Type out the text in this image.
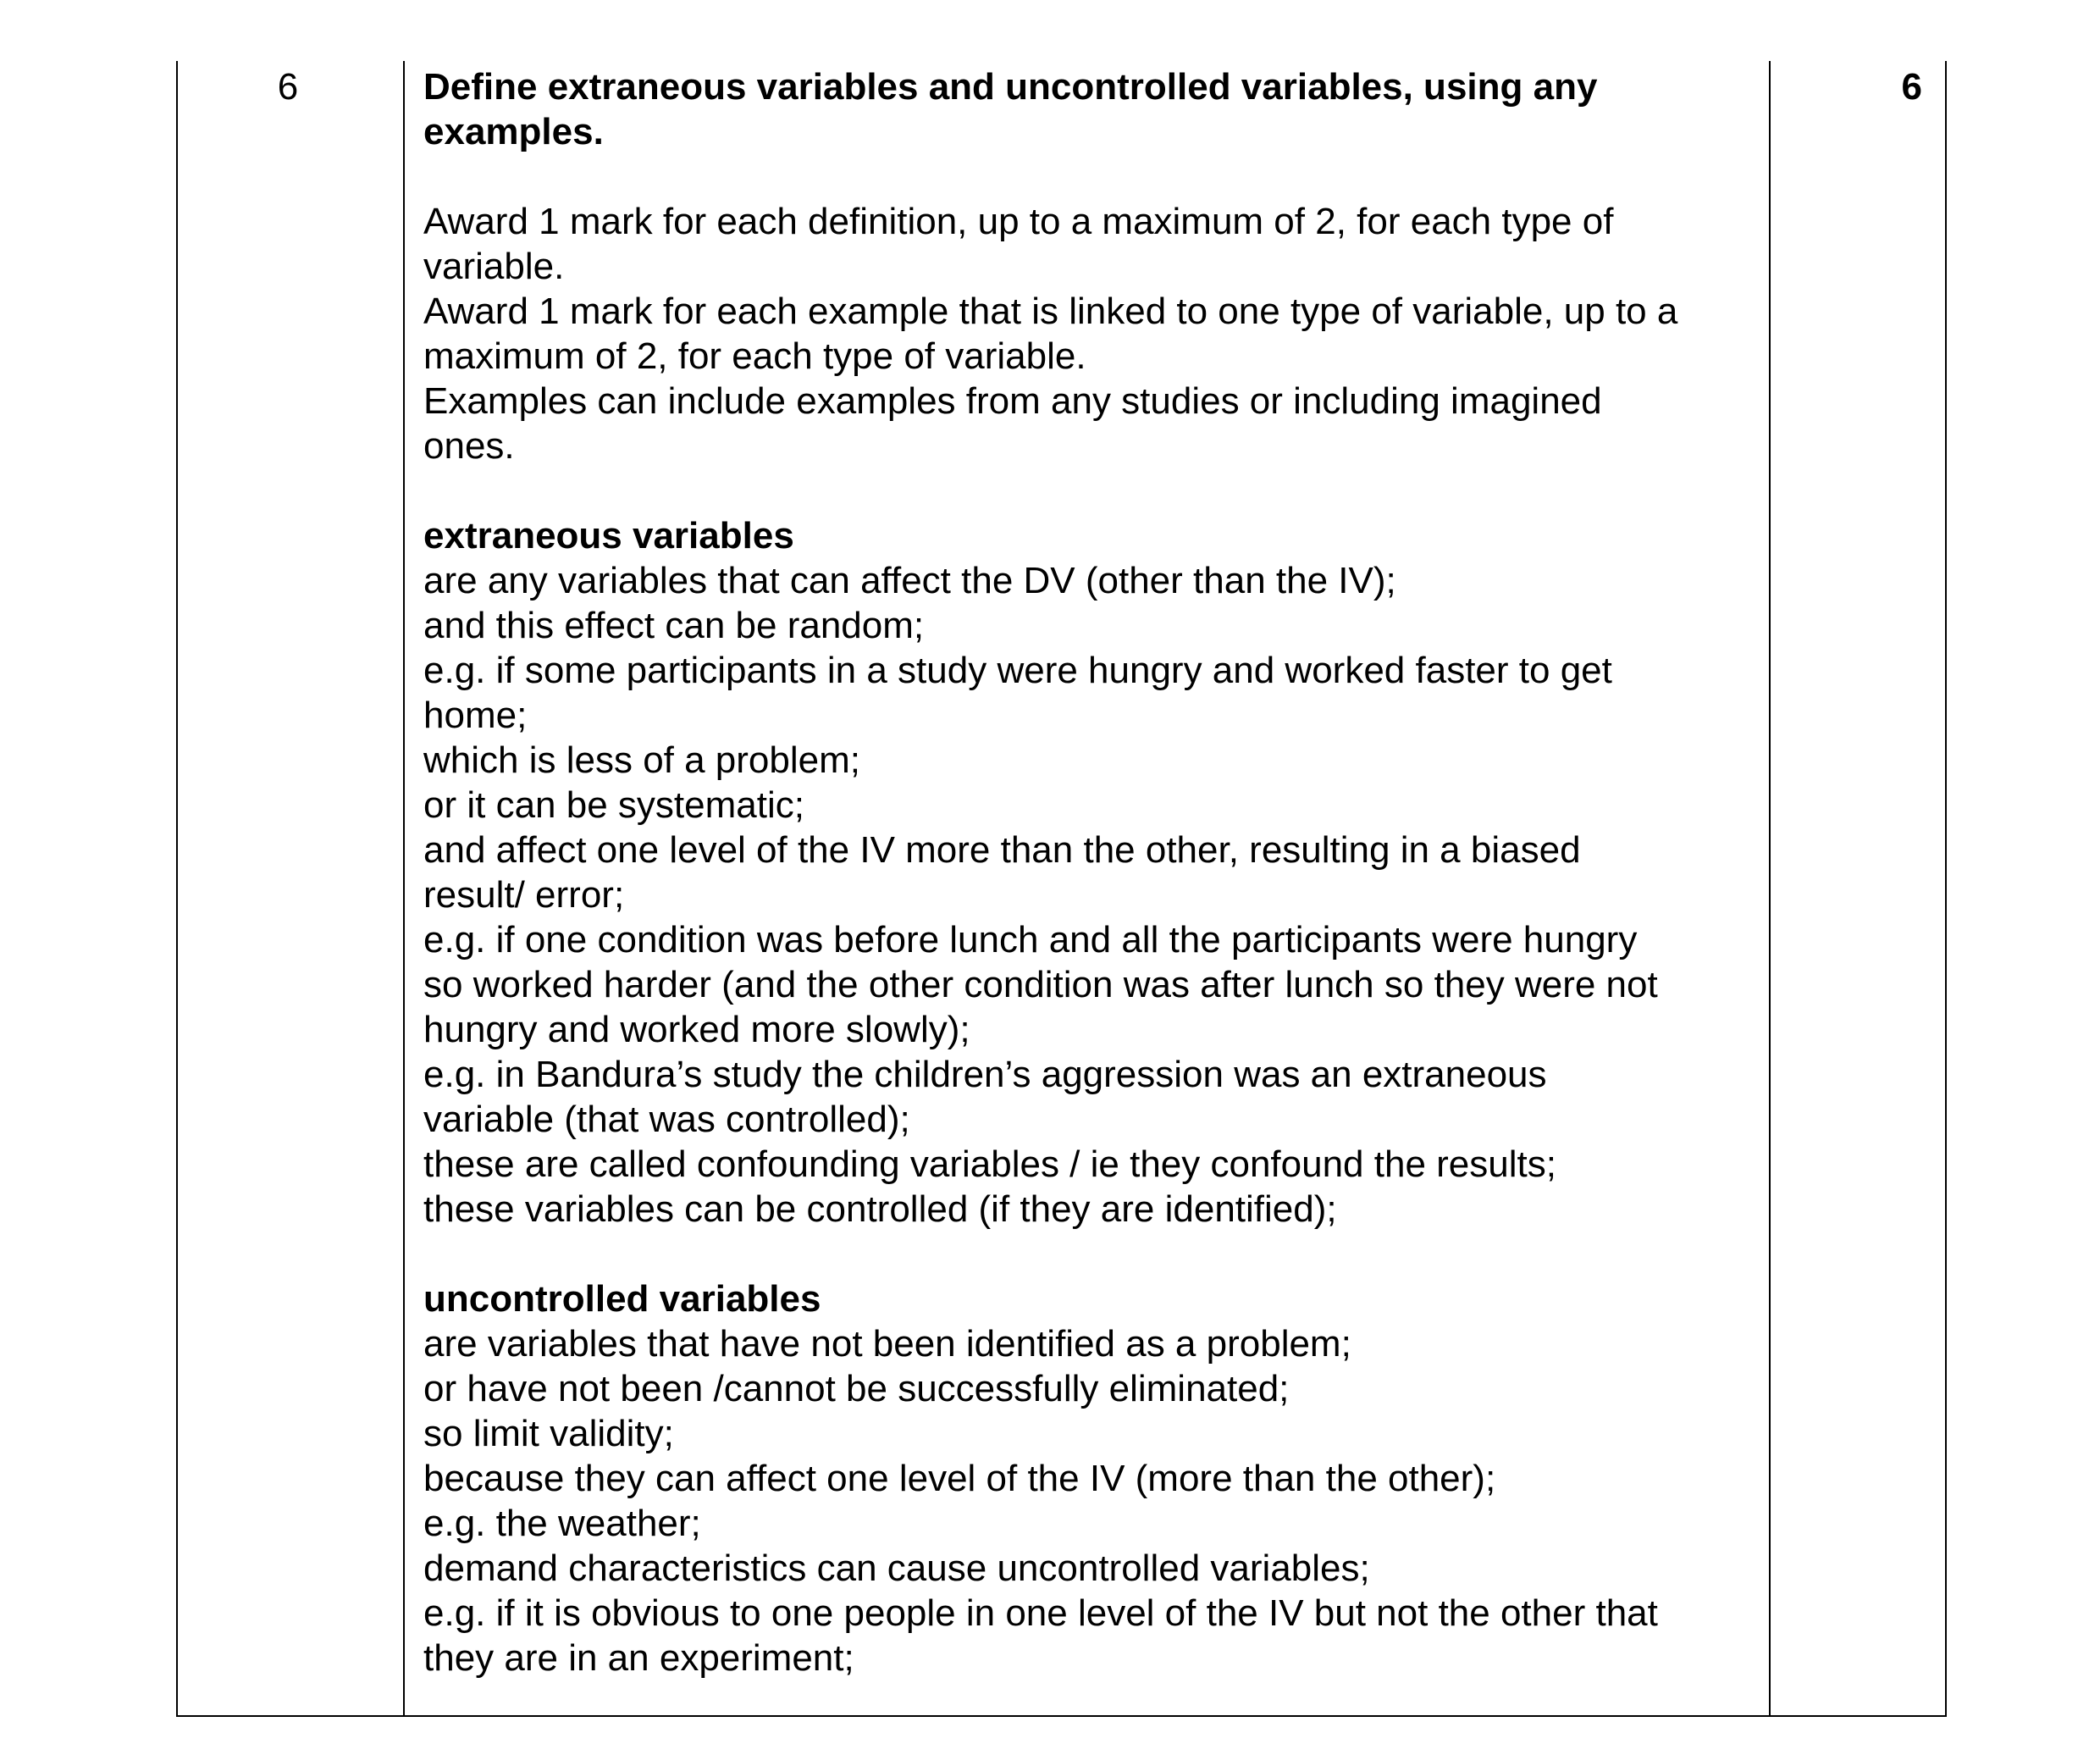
6	6

Define extraneous variables and uncontrolled variables, using any

examples.

Award 1 mark for each definition, up to a maximum of 2, for each type of

variable.

Award 1 mark for each example that is linked to one type of variable, up to a

maximum of 2, for each type of variable.

Examples can include examples from any studies or including imagined

ones.

extraneous variables

are any variables that can affect the DV (other than the IV);

and this effect can be random;

e.g. if some participants in a study were hungry and worked faster to get

home;

which is less of a problem;

or it can be systematic;

and affect one level of the IV more than the other, resulting in a biased

result/ error;

e.g. if one condition was before lunch and all the participants were hungry

so worked harder (and the other condition was after lunch so they were not

hungry and worked more slowly);

e.g. in Bandura’s study the children’s aggression was an extraneous

variable (that was controlled);

these are called confounding variables / ie they confound the results;

these variables can be controlled (if they are identified);

uncontrolled variables

are variables that have not been identified as a problem;

or have not been /cannot be successfully eliminated;

so limit validity;

because they can affect one level of the IV (more than the other);

e.g. the weather;

demand characteristics can cause uncontrolled variables;

e.g. if it is obvious to one people in one level of the IV but not the other that

they are in an experiment;
